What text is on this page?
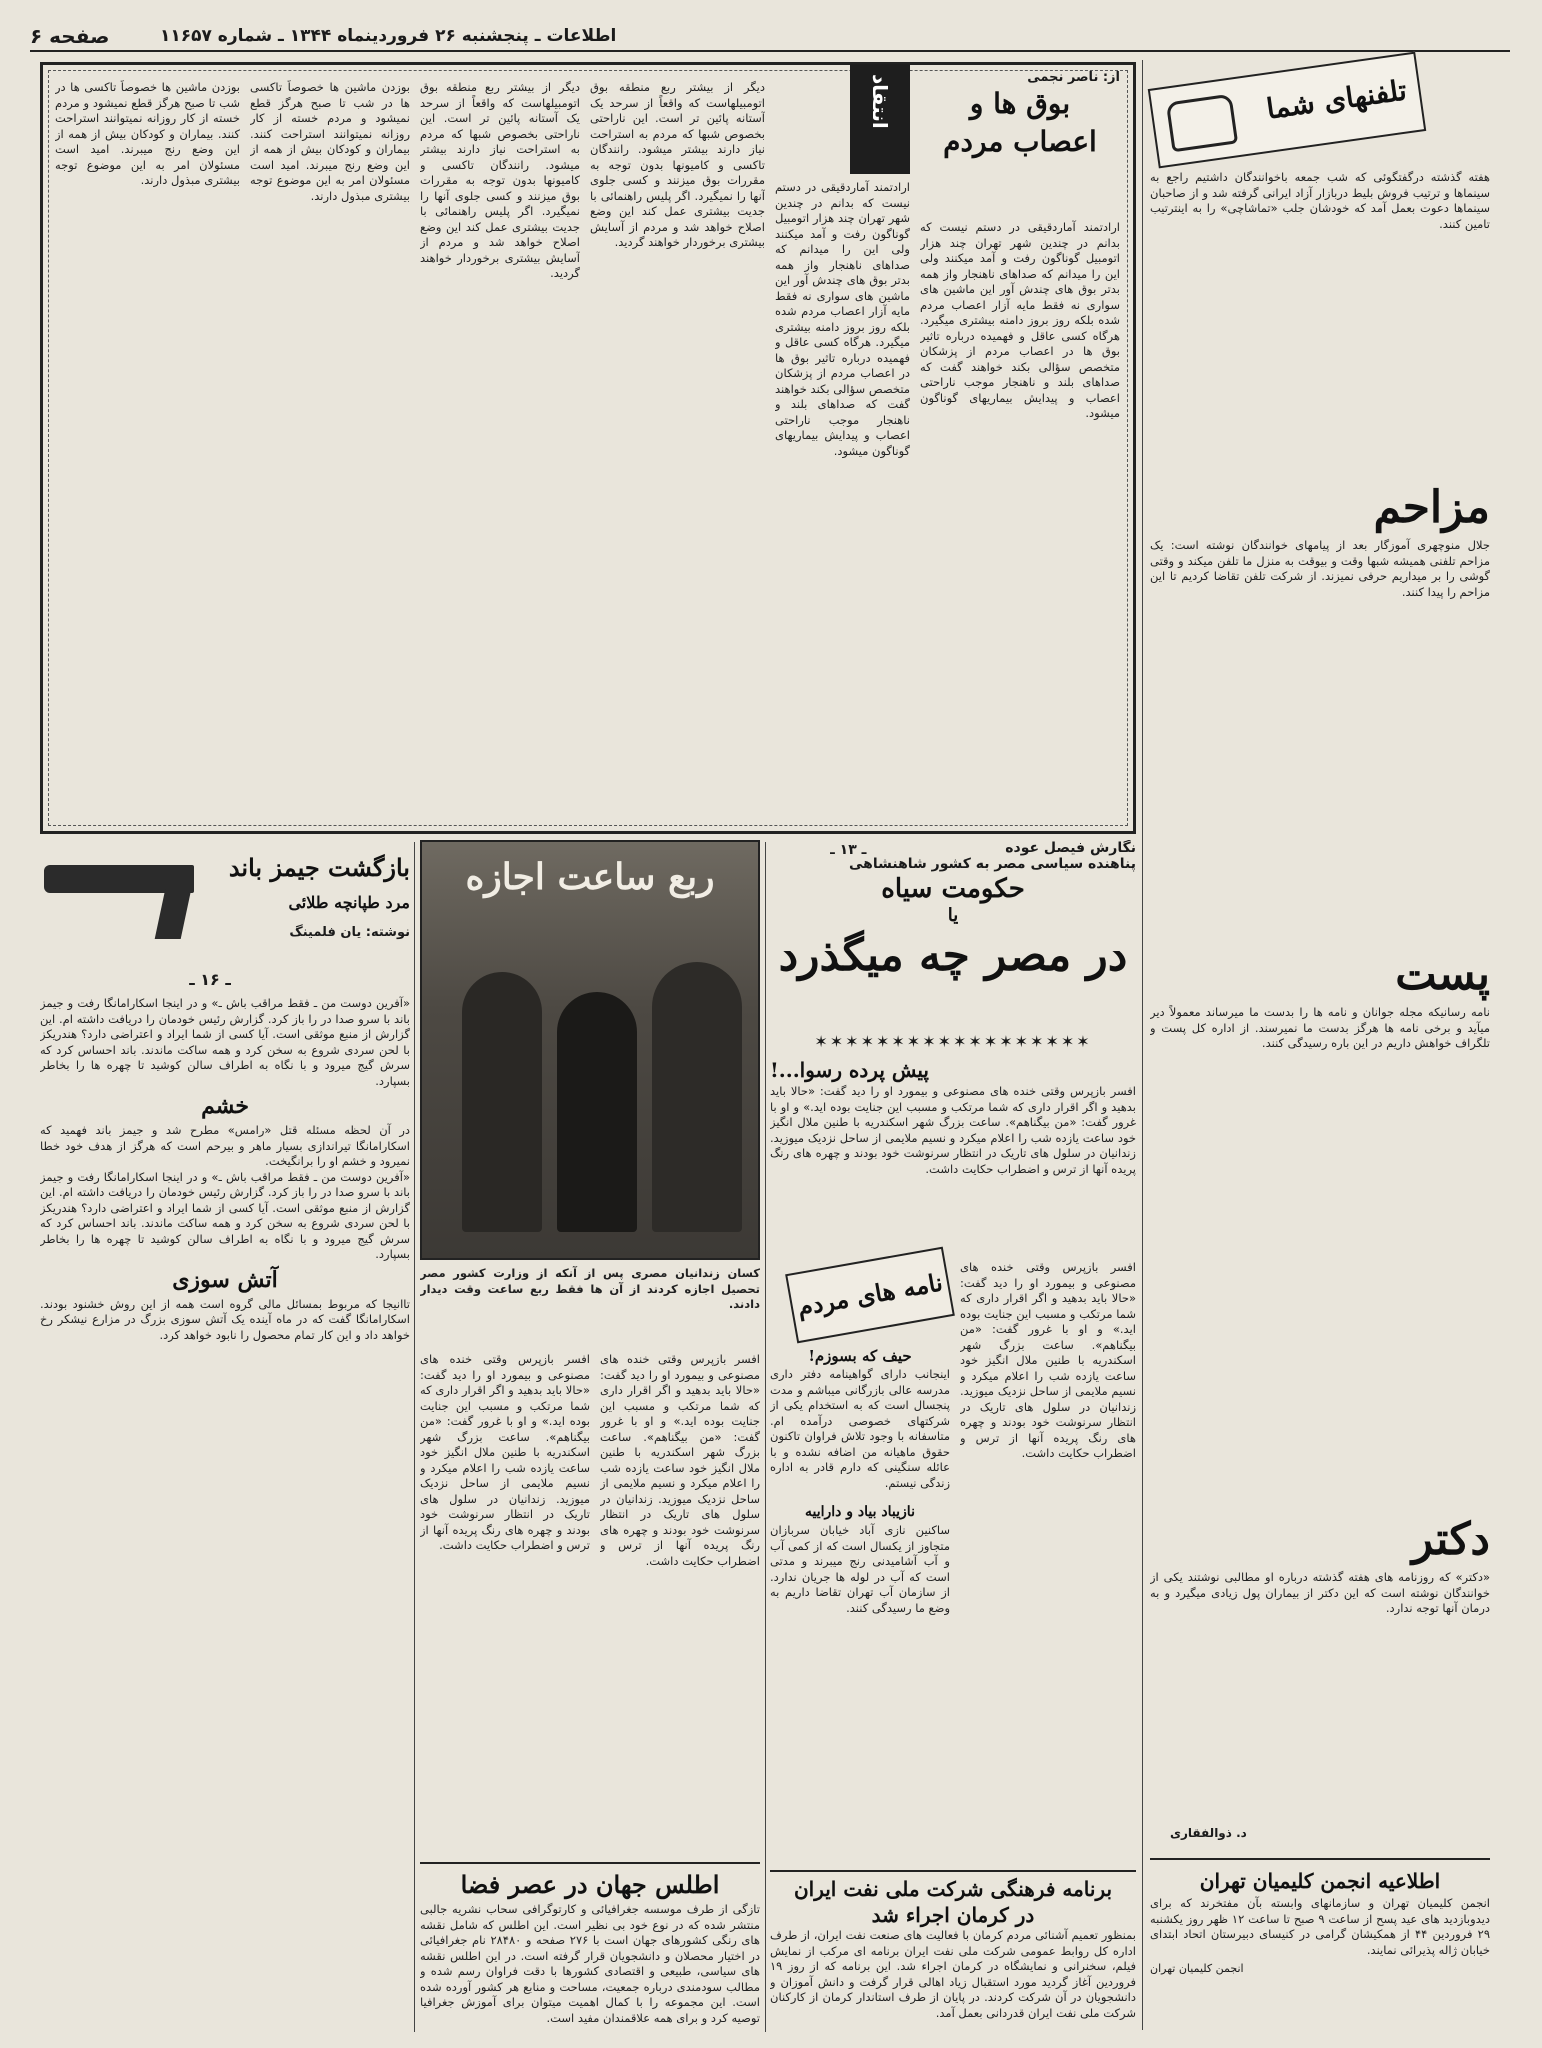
صفحه ۶	اطلاعات ـ پنجشنبه ۲۶ فروردینماه ۱۳۴۴ ـ شماره ۱۱۶۵۷
تلفنهای شما
هفته گذشته درگفتگوئی که شب جمعه باخوانندگان داشتیم راجع به سینماها و ترتیب فروش بلیط دربازار آزاد ایرانی گرفته شد و از صاحبان سینماها دعوت بعمل آمد که خودشان جلب «تماشاچی» را به اینترتیب تامین کنند.
مزاحم
جلال منوچهری آموزگار بعد از پیامهای خوانندگان نوشته است: یک مزاحم تلفنی همیشه شبها وقت و بیوقت به منزل ما تلفن میکند و وقتی گوشی را بر میداریم حرفی نمیزند. از شرکت تلفن تقاضا کردیم تا این مزاحم را پیدا کنند.
پست
نامه رسانیکه مجله جوانان و نامه ها را بدست ما میرساند معمولاً دیر میآید و برخی نامه ها هرگز بدست ما نمیرسند. از اداره کل پست و تلگراف خواهش داریم در این باره رسیدگی کنند.
دکتر
«دکتر» که روزنامه های هفته گذشته درباره او مطالبی نوشتند یکی از خوانندگان نوشته است که این دکتر از بیماران پول زیادی میگیرد و به درمان آنها توجه ندارد.
د. ذوالفقاری
اطلاعیه انجمن کلیمیان تهران
انجمن کلیمیان تهران و سازمانهای وابسته بآن مفتخرند که برای دیدوبازدید های عید پسح از ساعت ۹ صبح تا ساعت ۱۲ ظهر روز یکشنبه ۲۹ فروردین ۴۴ از همکیشان گرامی در کنیسای دبیرستان اتحاد ابتدای خیابان ژاله پذیرائی نمایند.
انجمن کلیمیان تهران
انتقاد	از: ناصر نجمی
بوق ها و
اعصاب مردم
ارادتمند آماردقیقی در دستم نیست که بدانم در چندین شهر تهران چند هزار اتومبیل گوناگون رفت و آمد میکنند ولی این را میدانم که صداهای ناهنجار واز همه بدتر بوق های چندش آور این ماشین های سواری نه فقط مایه آزار اعصاب مردم شده بلکه روز بروز دامنه بیشتری میگیرد. هرگاه کسی عاقل و فهمیده درباره تاثیر بوق ها در اعصاب مردم از پزشکان متخصص سؤالی بکند خواهند گفت که صداهای بلند و ناهنجار موجب ناراحتی اعصاب و پیدایش بیماریهای گوناگون میشود.
ارادتمند آماردقیقی در دستم نیست که بدانم در چندین شهر تهران چند هزار اتومبیل گوناگون رفت و آمد میکنند ولی این را میدانم که صداهای ناهنجار واز همه بدتر بوق های چندش آور این ماشین های سواری نه فقط مایه آزار اعصاب مردم شده بلکه روز بروز دامنه بیشتری میگیرد. هرگاه کسی عاقل و فهمیده درباره تاثیر بوق ها در اعصاب مردم از پزشکان متخصص سؤالی بکند خواهند گفت که صداهای بلند و ناهنجار موجب ناراحتی اعصاب و پیدایش بیماریهای گوناگون میشود.
دیگر از بیشتر ربع منطقه بوق اتومبیلهاست که واقعاً از سرحد یک آستانه پائین تر است. این ناراحتی بخصوص شبها که مردم به استراحت نیاز دارند بیشتر میشود. رانندگان تاکسی و کامیونها بدون توجه به مقررات بوق میزنند و کسی جلوی آنها را نمیگیرد. اگر پلیس راهنمائی با جدیت بیشتری عمل کند این وضع اصلاح خواهد شد و مردم از آسایش بیشتری برخوردار خواهند گردید.
دیگر از بیشتر ربع منطقه بوق اتومبیلهاست که واقعاً از سرحد یک آستانه پائین تر است. این ناراحتی بخصوص شبها که مردم به استراحت نیاز دارند بیشتر میشود. رانندگان تاکسی و کامیونها بدون توجه به مقررات بوق میزنند و کسی جلوی آنها را نمیگیرد. اگر پلیس راهنمائی با جدیت بیشتری عمل کند این وضع اصلاح خواهد شد و مردم از آسایش بیشتری برخوردار خواهند گردید.
بوزدن ماشین ها خصوصاً تاکسی ها در شب تا صبح هرگز قطع نمیشود و مردم خسته از کار روزانه نمیتوانند استراحت کنند. بیماران و کودکان بیش از همه از این وضع رنج میبرند. امید است مسئولان امر به این موضوع توجه بیشتری مبذول دارند.
بوزدن ماشین ها خصوصاً تاکسی ها در شب تا صبح هرگز قطع نمیشود و مردم خسته از کار روزانه نمیتوانند استراحت کنند. بیماران و کودکان بیش از همه از این وضع رنج میبرند. امید است مسئولان امر به این موضوع توجه بیشتری مبذول دارند.
نگارش فیصل عوده
پناهنده سیاسی مصر به کشور شاهنشاهی
حکومت سیاه
یا
در مصر چه میگذرد
ـ ۱۳ ـ
✶✶✶✶✶✶✶✶✶✶✶✶✶✶✶✶✶✶
پیش پرده رسوا...!
افسر بازپرس وقتی خنده های مصنوعی و بیمورد او را دید گفت: «حالا باید بدهید و اگر اقرار داری که شما مرتکب و مسبب این جنایت بوده اید.» و او با غرور گفت: «من بیگناهم». ساعت بزرگ شهر اسکندریه با طنین ملال انگیز خود ساعت یازده شب را اعلام میکرد و نسیم ملایمی از ساحل نزدیک میوزید. زندانیان در سلول های تاریک در انتظار سرنوشت خود بودند و چهره های رنگ پریده آنها از ترس و اضطراب حکایت داشت.
افسر بازپرس وقتی خنده های مصنوعی و بیمورد او را دید گفت: «حالا باید بدهید و اگر اقرار داری که شما مرتکب و مسبب این جنایت بوده اید.» و او با غرور گفت: «من بیگناهم». ساعت بزرگ شهر اسکندریه با طنین ملال انگیز خود ساعت یازده شب را اعلام میکرد و نسیم ملایمی از ساحل نزدیک میوزید. زندانیان در سلول های تاریک در انتظار سرنوشت خود بودند و چهره های رنگ پریده آنها از ترس و اضطراب حکایت داشت.
ربع ساعت اجازه
کسان زندانیان مصری پس از آنکه از وزارت کشور مصر تحصیل اجازه کردند از آن ها فقط ربع ساعت وقت دیدار دادند.
افسر بازپرس وقتی خنده های مصنوعی و بیمورد او را دید گفت: «حالا باید بدهید و اگر اقرار داری که شما مرتکب و مسبب این جنایت بوده اید.» و او با غرور گفت: «من بیگناهم». ساعت بزرگ شهر اسکندریه با طنین ملال انگیز خود ساعت یازده شب را اعلام میکرد و نسیم ملایمی از ساحل نزدیک میوزید. زندانیان در سلول های تاریک در انتظار سرنوشت خود بودند و چهره های رنگ پریده آنها از ترس و اضطراب حکایت داشت.
افسر بازپرس وقتی خنده های مصنوعی و بیمورد او را دید گفت: «حالا باید بدهید و اگر اقرار داری که شما مرتکب و مسبب این جنایت بوده اید.» و او با غرور گفت: «من بیگناهم». ساعت بزرگ شهر اسکندریه با طنین ملال انگیز خود ساعت یازده شب را اعلام میکرد و نسیم ملایمی از ساحل نزدیک میوزید. زندانیان در سلول های تاریک در انتظار سرنوشت خود بودند و چهره های رنگ پریده آنها از ترس و اضطراب حکایت داشت.
نامه های مردم
حیف که بسوزم!
اینجانب دارای گواهینامه دفتر داری مدرسه عالی بازرگانی میباشم و مدت پنجسال است که به استخدام یکی از شرکتهای خصوصی درآمده ام. متاسفانه با وجود تلاش فراوان تاکنون حقوق ماهیانه من اضافه نشده و با عائله سنگینی که دارم قادر به اداره زندگی نیستم.
نازیباد بیاد و داراییه
ساکنین نازی آباد خیابان سربازان متجاوز از یکسال است که از کمی آب و آب آشامیدنی رنج میبرند و مدتی است که آب در لوله ها جریان ندارد. از سازمان آب تهران تقاضا داریم به وضع ما رسیدگی کنند.
برنامه فرهنگی شرکت ملی نفت ایران
در کرمان اجراء شد
بمنظور تعمیم آشنائی مردم کرمان با فعالیت های صنعت نفت ایران، از طرف اداره کل روابط عمومی شرکت ملی نفت ایران برنامه ای مرکب از نمایش فیلم، سخنرانی و نمایشگاه در کرمان اجراء شد. این برنامه که از روز ۱۹ فروردین آغاز گردید مورد استقبال زیاد اهالی قرار گرفت و دانش آموزان و دانشجویان در آن شرکت کردند. در پایان از طرف استاندار کرمان از کارکنان شرکت ملی نفت ایران قدردانی بعمل آمد.
اطلس جهان در عصر فضا
تازگی از طرف موسسه جغرافیائی و کارتوگرافی سحاب نشریه جالبی منتشر شده که در نوع خود بی نظیر است. این اطلس که شامل نقشه های رنگی کشورهای جهان است با ۲۷۶ صفحه و ۲۸۴۸۰ نام جغرافیائی در اختیار محصلان و دانشجویان قرار گرفته است. در این اطلس نقشه های سیاسی، طبیعی و اقتصادی کشورها با دقت فراوان رسم شده و مطالب سودمندی درباره جمعیت، مساحت و منابع هر کشور آورده شده است. این مجموعه را با کمال اهمیت میتوان برای آموزش جغرافیا توصیه کرد و برای همه علاقمندان مفید است.
بازگشت جیمز باند
مرد طپانچه طلائی
نوشته: یان فلمینگ
ـ ۱۶ ـ
«آفرین دوست من ـ فقط مراقب باش ـ» و در اینجا اسکارامانگا رفت و جیمز باند با سرو صدا در را باز کرد. گزارش رئیس خودمان را دریافت داشته ام. این گزارش از منبع موثقی است. آیا کسی از شما ایراد و اعتراضی دارد؟ هندریکز با لحن سردی شروع به سخن کرد و همه ساکت ماندند. باند احساس کرد که سرش گیج میرود و با نگاه به اطراف سالن کوشید تا چهره ها را بخاطر بسپارد.
خشم
در آن لحظه مسئله قتل «رامس» مطرح شد و جیمز باند فهمید که اسکارامانگا تیراندازی بسیار ماهر و بیرحم است که هرگز از هدف خود خطا نمیرود و خشم او را برانگیخت.
«آفرین دوست من ـ فقط مراقب باش ـ» و در اینجا اسکارامانگا رفت و جیمز باند با سرو صدا در را باز کرد. گزارش رئیس خودمان را دریافت داشته ام. این گزارش از منبع موثقی است. آیا کسی از شما ایراد و اعتراضی دارد؟ هندریکز با لحن سردی شروع به سخن کرد و همه ساکت ماندند. باند احساس کرد که سرش گیج میرود و با نگاه به اطراف سالن کوشید تا چهره ها را بخاطر بسپارد.
آتش سوزی
تاانیجا که مربوط بمسائل مالی گروه است همه از این روش خشنود بودند. اسکارامانگا گفت که در ماه آینده یک آتش سوزی بزرگ در مزارع نیشکر رخ خواهد داد و این کار تمام محصول را نابود خواهد کرد.
